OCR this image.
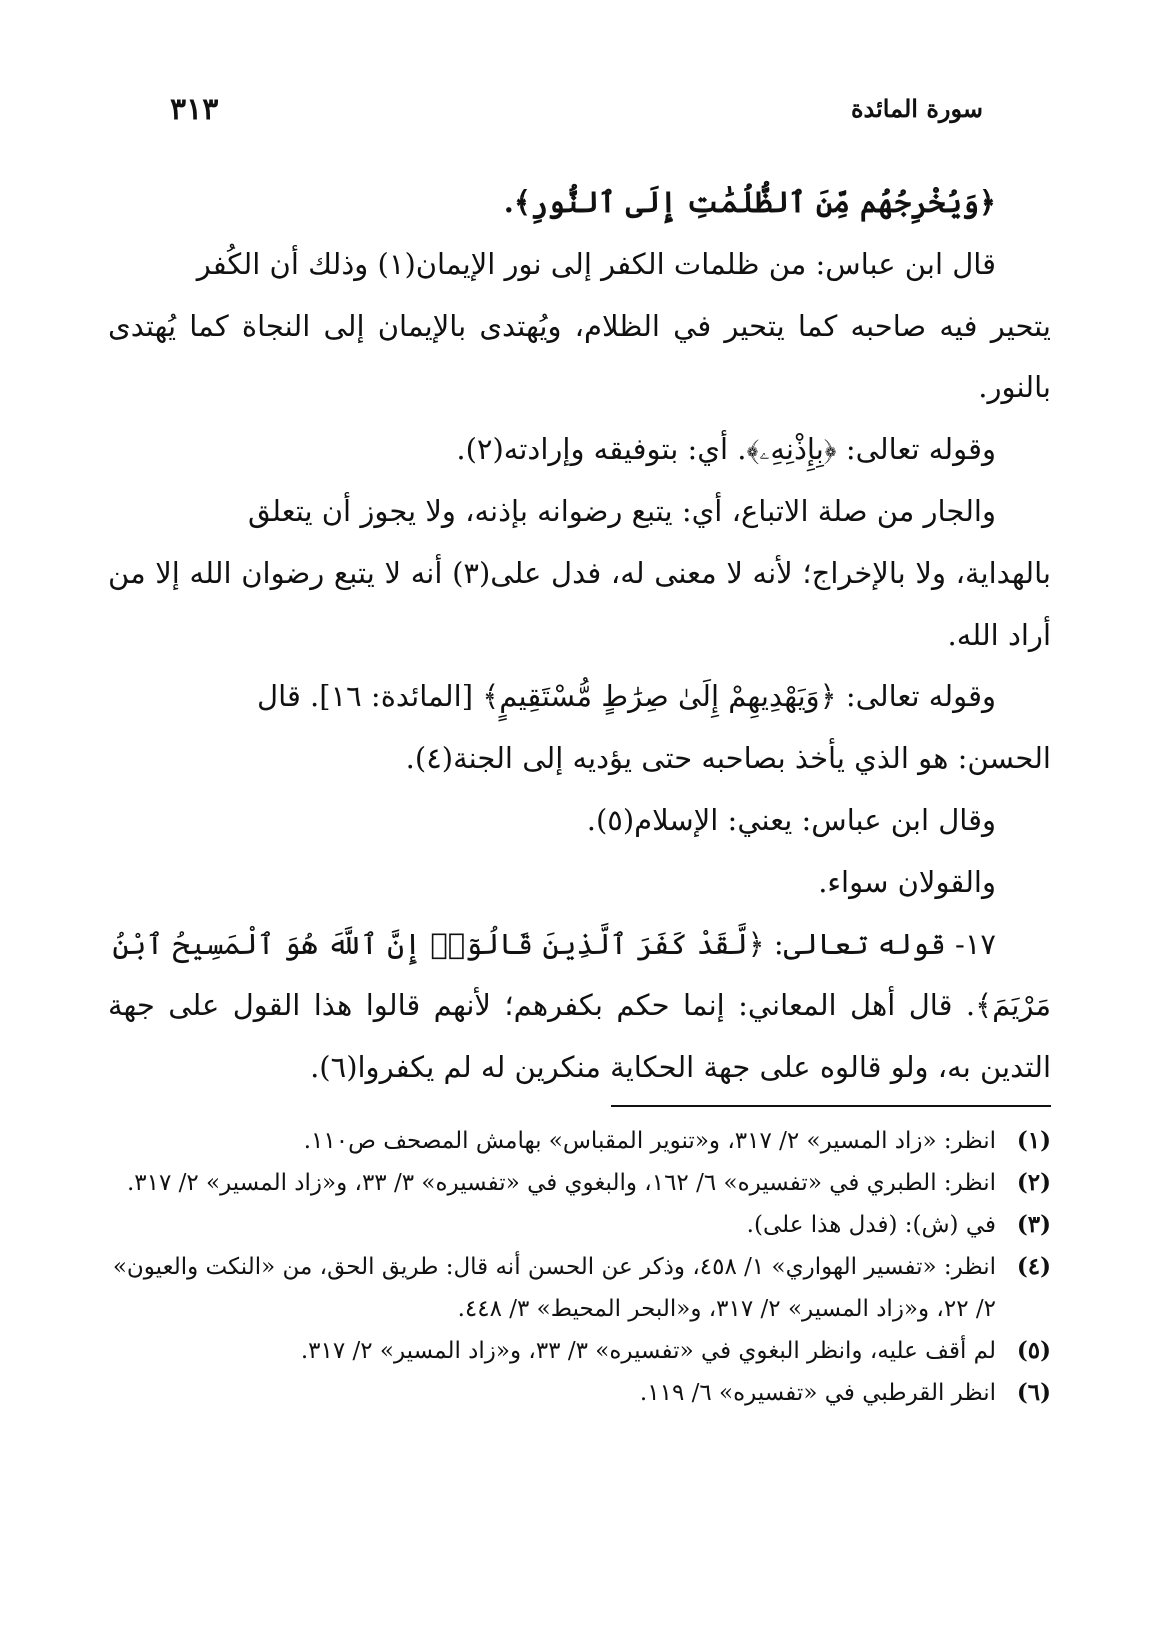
٣١٣	سورة المائدة

﴿وَيُخْرِجُهُم مِّنَ ٱلظُّلُمَٰتِ إِلَى ٱلنُّورِ﴾.

قال ابن عباس: من ظلمات الكفر إلى نور الإيمان(١) وذلك أن الكُفر

يتحير فيه صاحبه كما يتحير في الظلام، ويُهتدى بالإيمان إلى النجاة كما يُهتدى بالنور.

وقوله تعالى: ﴿بِإِذْنِهِۦ﴾. أي: بتوفيقه وإرادته(٢).

والجار من صلة الاتباع، أي: يتبع رضوانه بإذنه، ولا يجوز أن يتعلق

بالهداية، ولا بالإخراج؛ لأنه لا معنى له، فدل على(٣) أنه لا يتبع رضوان الله إلا من أراد الله.

وقوله تعالى: ﴿وَيَهْدِيهِمْ إِلَىٰ صِرَٰطٍ مُّسْتَقِيمٍ﴾ [المائدة: ١٦]. قال

الحسن: هو الذي يأخذ بصاحبه حتى يؤديه إلى الجنة(٤).

وقال ابن عباس: يعني: الإسلام(٥).

والقولان سواء.

١٧- قوله تعالى: ﴿لَّقَدْ كَفَرَ ٱلَّذِينَ قَالُوٓا۟ إِنَّ ٱللَّهَ هُوَ ٱلْمَسِيحُ ٱبْنُ

مَرْيَمَ﴾. قال أهل المعاني: إنما حكم بكفرهم؛ لأنهم قالوا هذا القول على جهة التدين به، ولو قالوه على جهة الحكاية منكرين له لم يكفروا(٦).

(١)
انظر: «زاد المسير» ٢/ ٣١٧، و«تنوير المقباس» بهامش المصحف ص١١٠.
(٢)
انظر: الطبري في «تفسيره» ٦/ ١٦٢، والبغوي في «تفسيره» ٣/ ٣٣، و«زاد المسير» ٢/ ٣١٧.
(٣)
في (ش): (فدل هذا على).
(٤)
انظر: «تفسير الهواري» ١/ ٤٥٨، وذكر عن الحسن أنه قال: طريق الحق، من «النكت والعيون» ٢/ ٢٢، و«زاد المسير» ٢/ ٣١٧، و«البحر المحيط» ٣/ ٤٤٨.
(٥)
لم أقف عليه، وانظر البغوي في «تفسيره» ٣/ ٣٣، و«زاد المسير» ٢/ ٣١٧.
(٦)
انظر القرطبي في «تفسيره» ٦/ ١١٩.
